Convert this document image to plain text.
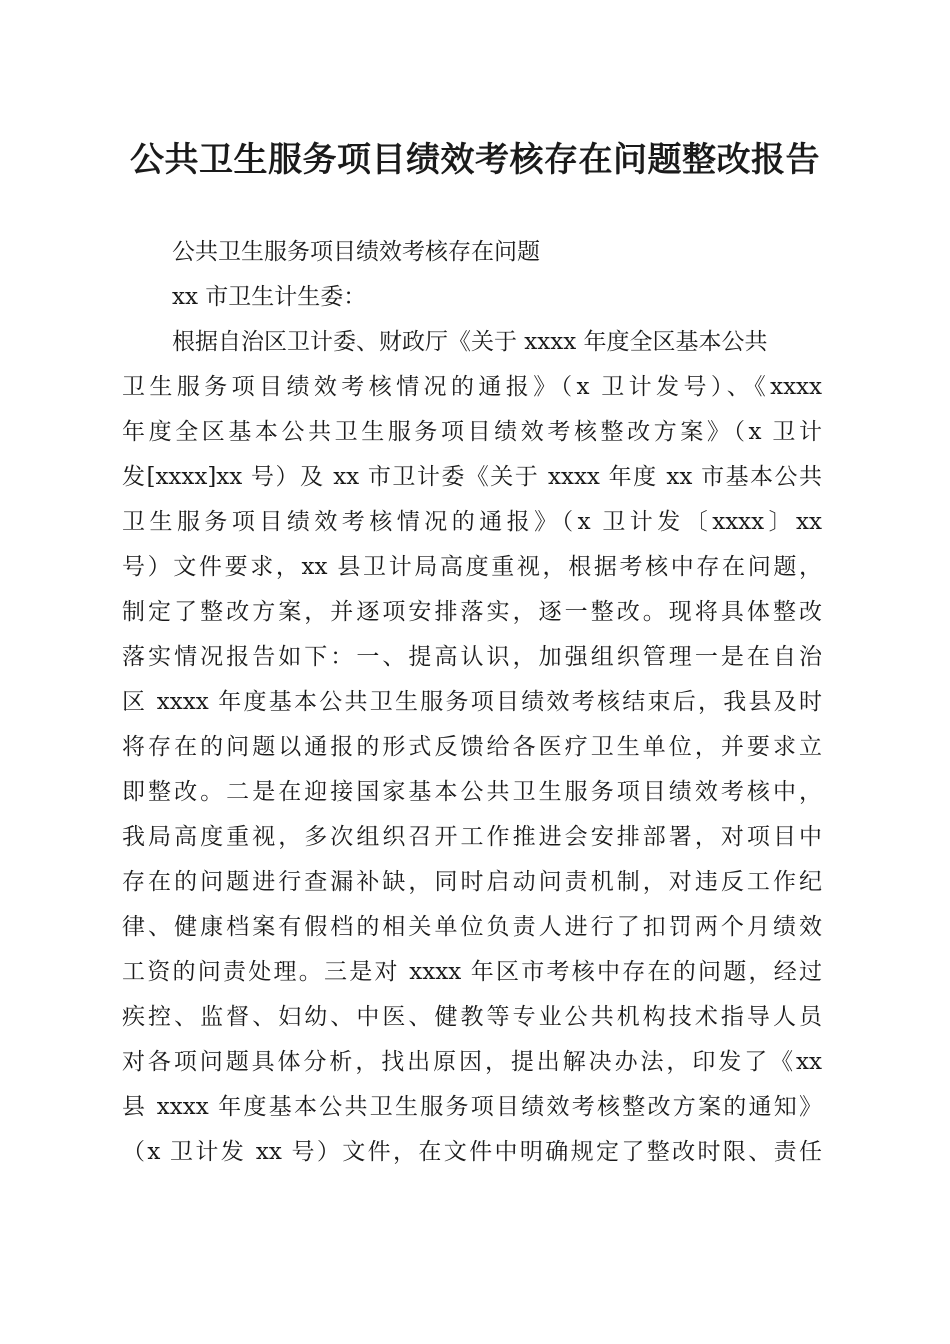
公共卫生服务项目绩效考核存在问题整改报告

公共卫生服务项目绩效考核存在问题

xx 市卫生计生委：

根据自治区卫计委、财政厅《关于 xxxx 年度全区基本公共

卫生服务项目绩效考核情况的通报》（x 卫计发号）、《xxxx

年度全区基本公共卫生服务项目绩效考核整改方案》（x 卫计

发[xxxx]xx 号）及 xx 市卫计委《关于 xxxx 年度 xx 市基本公共

卫生服务项目绩效考核情况的通报》（x 卫计发〔xxxx〕xx

号）文件要求，xx 县卫计局高度重视，根据考核中存在问题，

制定了整改方案，并逐项安排落实，逐一整改。现将具体整改

落实情况报告如下：一、提高认识，加强组织管理一是在自治

区 xxxx 年度基本公共卫生服务项目绩效考核结束后，我县及时

将存在的问题以通报的形式反馈给各医疗卫生单位，并要求立

即整改。二是在迎接国家基本公共卫生服务项目绩效考核中，

我局高度重视，多次组织召开工作推进会安排部署，对项目中

存在的问题进行查漏补缺，同时启动问责机制，对违反工作纪

律、健康档案有假档的相关单位负责人进行了扣罚两个月绩效

工资的问责处理。三是对 xxxx 年区市考核中存在的问题，经过

疾控、监督、妇幼、中医、健教等专业公共机构技术指导人员

对各项问题具体分析，找出原因，提出解决办法，印发了《xx

县 xxxx 年度基本公共卫生服务项目绩效考核整改方案的通知》

（x 卫计发 xx 号）文件，在文件中明确规定了整改时限、责任
